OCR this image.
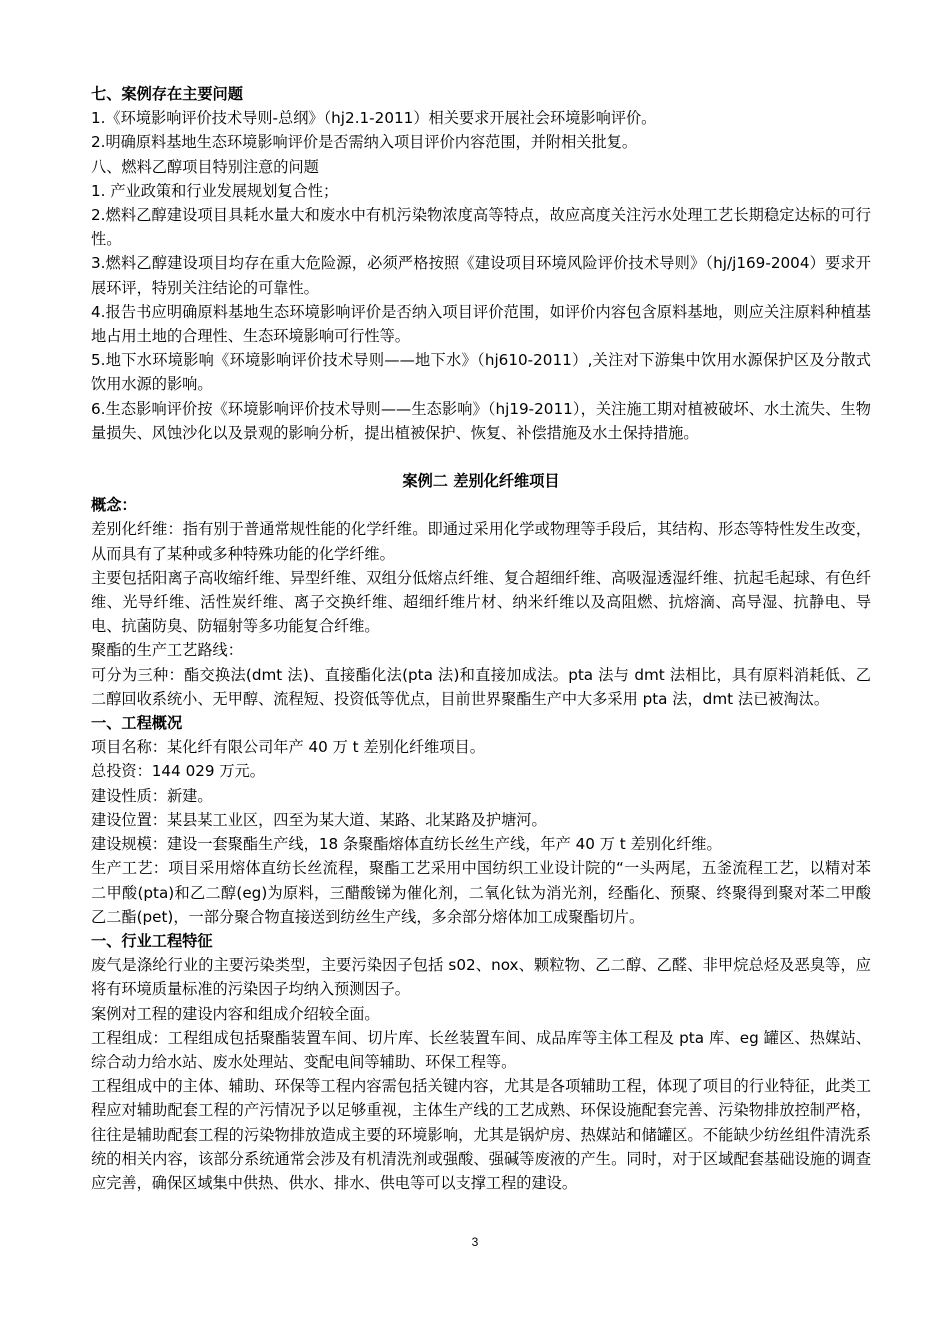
七、案例存在主要问题

1.《环境影响评价技术导则-总纲》（hj2.1-2011）相关要求开展社会环境影响评价。

2.明确原料基地生态环境影响评价是否需纳入项目评价内容范围，并附相关批复。

八、燃料乙醇项目特别注意的问题

1. 产业政策和行业发展规划复合性；

2.燃料乙醇建设项目具耗水量大和废水中有机污染物浓度高等特点，故应高度关注污水处理工艺长期稳定达标的可行性。

3.燃料乙醇建设项目均存在重大危险源，必须严格按照《建设项目环境风险评价技术导则》（hj/j169-2004）要求开展环评，特别关注结论的可靠性。

4.报告书应明确原料基地生态环境影响评价是否纳入项目评价范围，如评价内容包含原料基地，则应关注原料种植基地占用土地的合理性、生态环境影响可行性等。

5.地下水环境影响《环境影响评价技术导则——地下水》（hj610-2011）,关注对下游集中饮用水源保护区及分散式饮用水源的影响。

6.生态影响评价按《环境影响评价技术导则——生态影响》（hj19-2011），关注施工期对植被破坏、水土流失、生物量损失、风蚀沙化以及景观的影响分析，提出植被保护、恢复、补偿措施及水土保持措施。

案例二 差别化纤维项目

概念：

差别化纤维：指有别于普通常规性能的化学纤维。即通过采用化学或物理等手段后，其结构、形态等特性发生改变，从而具有了某种或多种特殊功能的化学纤维。

主要包括阳离子高收缩纤维、异型纤维、双组分低熔点纤维、复合超细纤维、高吸湿透湿纤维、抗起毛起球、有色纤维、光导纤维、活性炭纤维、离子交换纤维、超细纤维片材、纳米纤维以及高阻燃、抗熔滴、高导湿、抗静电、导电、抗菌防臭、防辐射等多功能复合纤维。

聚酯的生产工艺路线：

可分为三种：酯交换法(dmt 法)、直接酯化法(pta 法)和直接加成法。pta 法与 dmt 法相比，具有原料消耗低、乙二醇回收系统小、无甲醇、流程短、投资低等优点，目前世界聚酯生产中大多采用 pta 法，dmt 法已被淘汰。

一、工程概况

项目名称：某化纤有限公司年产 40 万 t 差别化纤维项目。

总投资：144 029 万元。

建设性质：新建。

建设位置：某县某工业区，四至为某大道、某路、北某路及护塘河。

建设规模：建设一套聚酯生产线，18 条聚酯熔体直纺长丝生产线，年产 40 万 t 差别化纤维。

生产工艺：项目采用熔体直纺长丝流程，聚酯工艺采用中国纺织工业设计院的“一头两尾，五釜流程工艺，以精对苯二甲酸(pta)和乙二醇(eg)为原料，三醋酸锑为催化剂，二氧化钛为消光剂，经酯化、预聚、终聚得到聚对苯二甲酸乙二酯(pet)，一部分聚合物直接送到纺丝生产线，多余部分熔体加工成聚酯切片。

一、行业工程特征

废气是涤纶行业的主要污染类型，主要污染因子包括 s02、nox、颗粒物、乙二醇、乙醛、非甲烷总烃及恶臭等，应将有环境质量标准的污染因子均纳入预测因子。

案例对工程的建设内容和组成介绍较全面。

工程组成：工程组成包括聚酯装置车间、切片库、长丝装置车间、成品库等主体工程及 pta 库、eg 罐区、热媒站、综合动力给水站、废水处理站、变配电间等辅助、环保工程等。

工程组成中的主体、辅助、环保等工程内容需包括关键内容，尤其是各项辅助工程，体现了项目的行业特征，此类工程应对辅助配套工程的产污情况予以足够重视，主体生产线的工艺成熟、环保设施配套完善、污染物排放控制严格，往往是辅助配套工程的污染物排放造成主要的环境影响，尤其是锅炉房、热媒站和储罐区。不能缺少纺丝组件清洗系统的相关内容，该部分系统通常会涉及有机清洗剂或强酸、强碱等废液的产生。同时，对于区域配套基础设施的调查应完善，确保区域集中供热、供水、排水、供电等可以支撑工程的建设。

3
